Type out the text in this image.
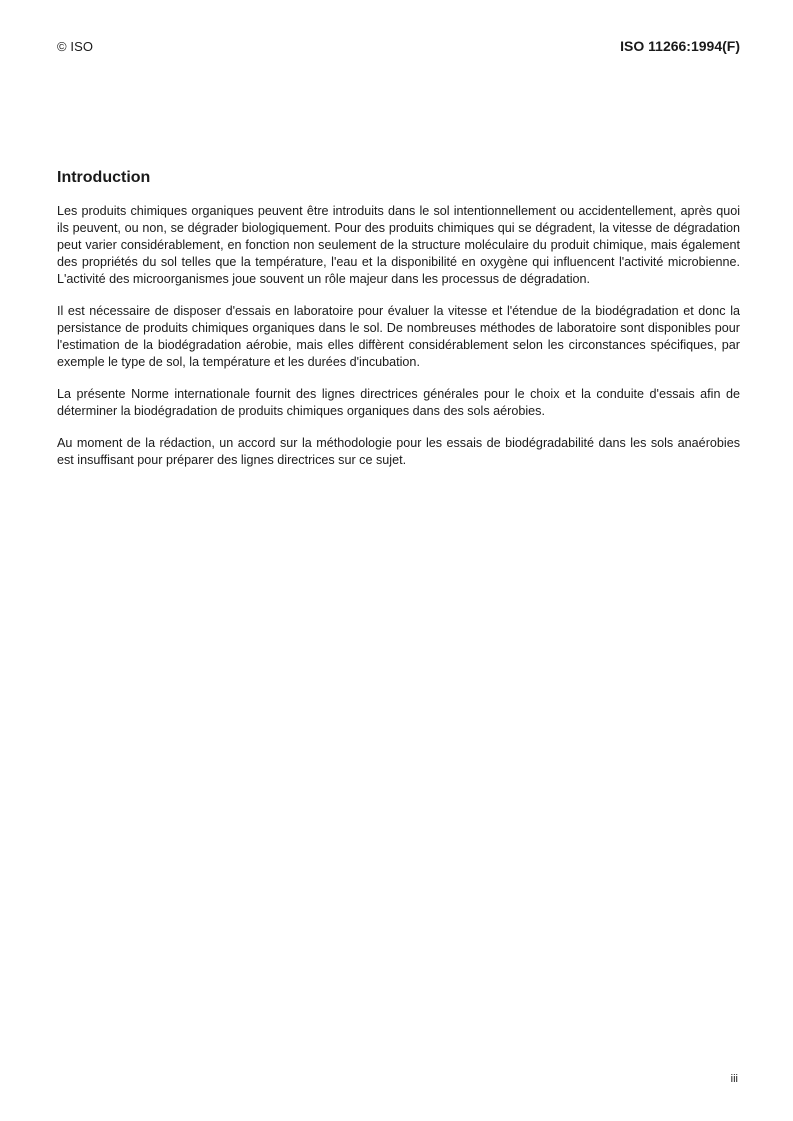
© ISO	ISO 11266:1994(F)
Introduction

Les produits chimiques organiques peuvent être introduits dans le sol intentionnellement ou accidentellement, après quoi ils peuvent, ou non, se dégrader biologiquement. Pour des produits chimiques qui se dégradent, la vitesse de dégradation peut varier considérablement, en fonction non seulement de la structure moléculaire du produit chimique, mais également des propriétés du sol telles que la température, l'eau et la disponibilité en oxygène qui influencent l'activité microbienne. L'activité des microorganismes joue souvent un rôle majeur dans les processus de dégradation.

Il est nécessaire de disposer d'essais en laboratoire pour évaluer la vitesse et l'étendue de la biodégradation et donc la persistance de produits chimiques organiques dans le sol. De nombreuses méthodes de laboratoire sont disponibles pour l'estimation de la biodégradation aérobie, mais elles diffèrent considérablement selon les circonstances spécifiques, par exemple le type de sol, la température et les durées d'incubation.

La présente Norme internationale fournit des lignes directrices générales pour le choix et la conduite d'essais afin de déterminer la biodégradation de produits chimiques organiques dans des sols aérobies.

Au moment de la rédaction, un accord sur la méthodologie pour les essais de biodégradabilité dans les sols anaérobies est insuffisant pour préparer des lignes directrices sur ce sujet.

iii
